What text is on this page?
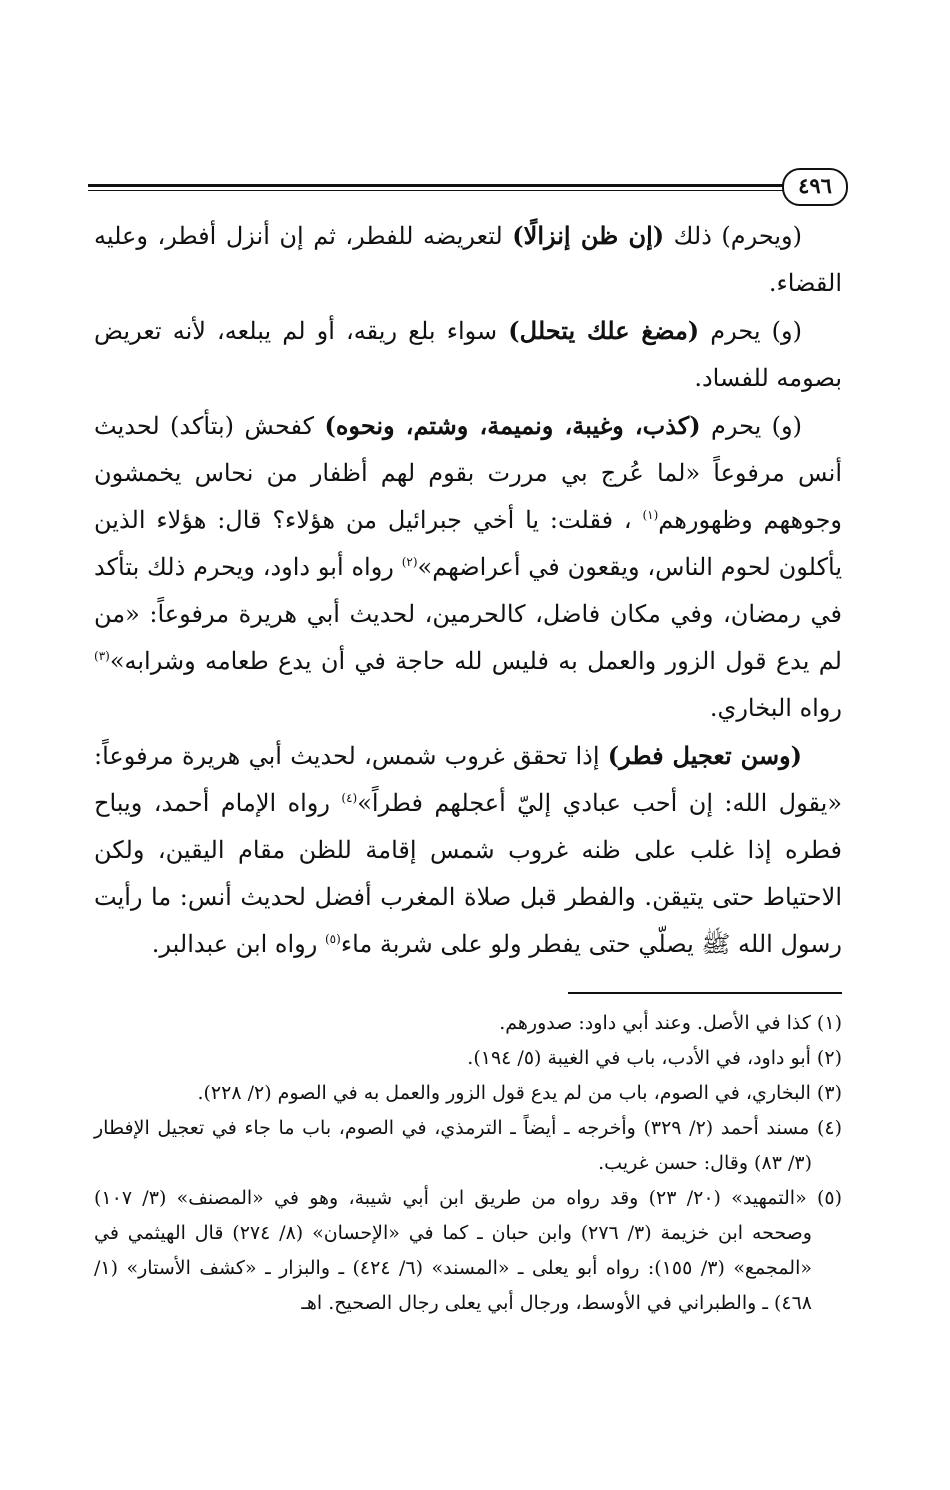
٤٩٦

(ويحرم) ذلك (إن ظن إنزالًا) لتعريضه للفطر، ثم إن أنزل أفطر، وعليه القضاء.

(و) يحرم (مضغ علك يتحلل) سواء بلع ريقه، أو لم يبلعه، لأنه تعريض بصومه للفساد.

(و) يحرم (كذب، وغيبة، ونميمة، وشتم، ونحوه) كفحش (بتأكد) لحديث أنس مرفوعاً «لما عُرج بي مررت بقوم لهم أظفار من نحاس يخمشون وجوههم وظهورهم$^{(١)}$ ، فقلت: يا أخي جبرائيل من هؤلاء؟ قال: هؤلاء الذين يأكلون لحوم الناس، ويقعون في أعراضهم»$^{(٢)}$ رواه أبو داود، ويحرم ذلك بتأكد في رمضان، وفي مكان فاضل، كالحرمين، لحديث أبي هريرة مرفوعاً: «من لم يدع قول الزور والعمل به فليس لله حاجة في أن يدع طعامه وشرابه»$^{(٣)}$ رواه البخاري.

(وسن تعجيل فطر) إذا تحقق غروب شمس، لحديث أبي هريرة مرفوعاً: «يقول الله: إن أحب عبادي إليّ أعجلهم فطراً»$^{(٤)}$ رواه الإمام أحمد، ويباح فطره إذا غلب على ظنه غروب شمس إقامة للظن مقام اليقين، ولكن الاحتياط حتى يتيقن. والفطر قبل صلاة المغرب أفضل لحديث أنس: ما رأيت رسول الله ﷺ يصلّي حتى يفطر ولو على شربة ماء$^{(٥)}$ رواه ابن عبدالبر.

(١) كذا في الأصل. وعند أبي داود: صدورهم.

(٢) أبو داود، في الأدب، باب في الغيبة (٥/ ١٩٤).

(٣) البخاري، في الصوم، باب من لم يدع قول الزور والعمل به في الصوم (٢/ ٢٢٨).

(٤) مسند أحمد (٢/ ٣٢٩) وأخرجه ـ أيضاً ـ الترمذي، في الصوم، باب ما جاء في تعجيل الإفطار (٣/ ٨٣) وقال: حسن غريب.

(٥) «التمهيد» (٢٠/ ٢٣) وقد رواه من طريق ابن أبي شيبة، وهو في «المصنف» (٣/ ١٠٧) وصححه ابن خزيمة (٣/ ٢٧٦) وابن حبان ـ كما في «الإحسان» (٨/ ٢٧٤) قال الهيثمي في «المجمع» (٣/ ١٥٥): رواه أبو يعلى ـ «المسند» (٦/ ٤٢٤) ـ والبزار ـ «كشف الأستار» (١/ ٤٦٨) ـ والطبراني في الأوسط، ورجال أبي يعلى رجال الصحيح. اهـ
